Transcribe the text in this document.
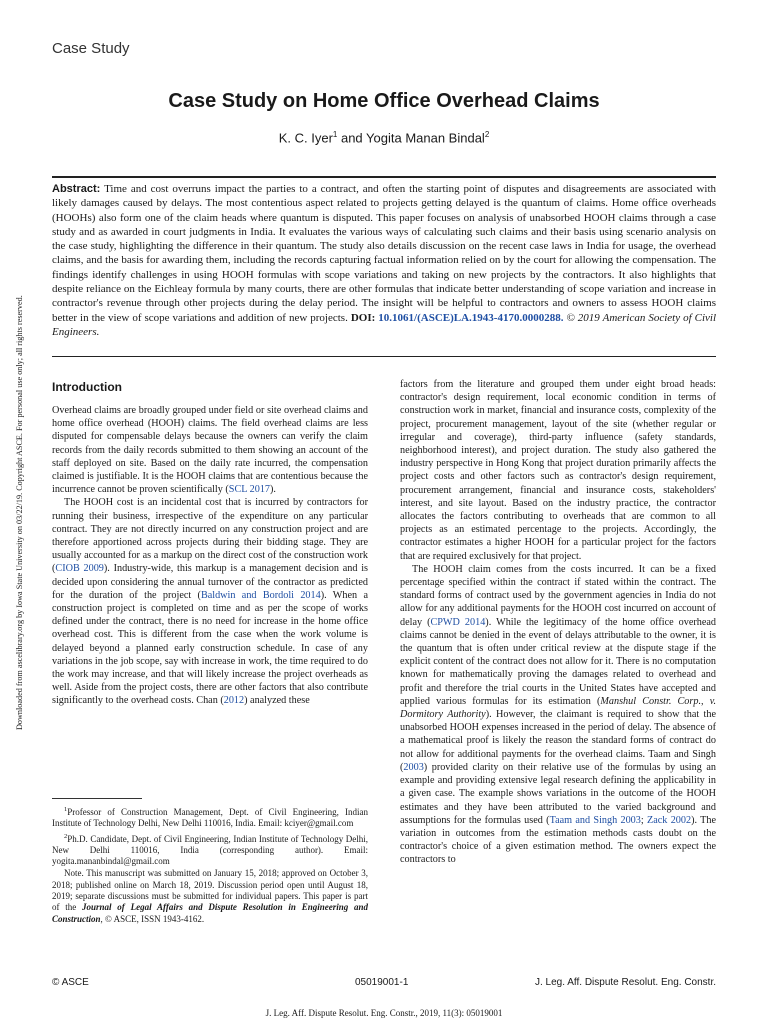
Case Study
Case Study on Home Office Overhead Claims
K. C. Iyer$^1$ and Yogita Manan Bindal$^2$
Abstract: Time and cost overruns impact the parties to a contract, and often the starting point of disputes and disagreements are associated with likely damages caused by delays. The most contentious aspect related to projects getting delayed is the quantum of claims. Home office overheads (HOOHs) also form one of the claim heads where quantum is disputed. This paper focuses on analysis of unabsorbed HOOH claims through a case study and as awarded in court judgments in India. It evaluates the various ways of calculating such claims and their basis using scenario analysis on the case study, highlighting the difference in their quantum. The study also details discussion on the recent case laws in India for usage, the overhead claims, and the basis for awarding them, including the records capturing factual information relied on by the court for allowing the compensation. The findings identify challenges in using HOOH formulas with scope variations and taking on new projects by the contractors. It also highlights that despite reliance on the Eichleay formula by many courts, there are other formulas that indicate better understanding of scope variation and increase in contractor's revenue through other projects during the delay period. The insight will be helpful to contractors and owners to assess HOOH claims better in the view of scope variations and addition of new projects. DOI: 10.1061/(ASCE)LA.1943-4170.0000288. © 2019 American Society of Civil Engineers.
Downloaded from ascelibrary.org by Iowa State University on 03/22/19. Copyright ASCE. For personal use only; all rights reserved. Introduction

Overhead claims are broadly grouped under field or site overhead claims and home office overhead (HOOH) claims. The field overhead claims are less disputed for compensable delays because the owners can verify the claim records from the daily records submitted to them showing an account of the staff deployed on site. Based on the daily rate incurred, the compensation claimed is justifiable. It is the HOOH claims that are contentious because the incurrence cannot be proven scientifically (SCL 2017).

The HOOH cost is an incidental cost that is incurred by contractors for running their business, irrespective of the expenditure on any particular contract. They are not directly incurred on any construction project and are therefore apportioned across projects during their bidding stage. They are usually accounted for as a markup on the direct cost of the construction work (CIOB 2009). Industry-wide, this markup is a management decision and is decided upon considering the annual turnover of the contractor as predicted for the duration of the project (Baldwin and Bordoli 2014). When a construction project is completed on time and as per the scope of works defined under the contract, there is no need for increase in the home office overhead cost. This is different from the case when the work volume is delayed beyond a planned early construction schedule. In case of any variations in the job scope, say with increase in work, the time required to do the work may increase, and that will likely increase the project overheads as well. Aside from the project costs, there are other factors that also contribute significantly to the overhead costs. Chan (2012) analyzed these

$^1$Professor of Construction Management, Dept. of Civil Engineering, Indian Institute of Technology Delhi, New Delhi 110016, India. Email: kciyer@gmail.com

$^2$Ph.D. Candidate, Dept. of Civil Engineering, Indian Institute of Technology Delhi, New Delhi 110016, India (corresponding author). Email: yogita.mananbindal@gmail.com

Note. This manuscript was submitted on January 15, 2018; approved on October 3, 2018; published online on March 18, 2019. Discussion period open until August 18, 2019; separate discussions must be submitted for individual papers. This paper is part of the Journal of Legal Affairs and Dispute Resolution in Engineering and Construction, © ASCE, ISSN 1943-4162.

factors from the literature and grouped them under eight broad heads: contractor's design requirement, local economic condition in terms of construction work in market, financial and insurance costs, complexity of the project, procurement management, layout of the site (whether regular or irregular and coverage), third-party influence (safety standards, neighborhood interest), and project duration. The study also gathered the industry perspective in Hong Kong that project duration primarily affects the project costs and other factors such as contractor's design requirement, procurement arrangement, financial and insurance costs, stakeholders' interest, and site layout. Based on the industry practice, the contractor allocates the factors contributing to overheads that are common to all projects as an estimated percentage to the projects. Accordingly, the contractor estimates a higher HOOH for a particular project for the factors that are required exclusively for that project.

The HOOH claim comes from the costs incurred. It can be a fixed percentage specified within the contract if stated within the contract. The standard forms of contract used by the government agencies in India do not allow for any additional payments for the HOOH cost incurred on account of delay (CPWD 2014). While the legitimacy of the home office overhead claims cannot be denied in the event of delays attributable to the owner, it is the quantum that is often under critical review at the dispute stage if the explicit content of the contract does not allow for it. There is no computation known for mathematically proving the damages related to overhead and profit and therefore the trial courts in the United States have accepted and applied various formulas for its estimation (Manshul Constr. Corp., v. Dormitory Authority). However, the claimant is required to show that the unabsorbed HOOH expenses increased in the period of delay. The absence of a mathematical proof is likely the reason the standard forms of contract do not allow for additional payments for the overhead claims. Taam and Singh (2003) provided clarity on their relative use of the formulas by using an example and providing extensive legal research defining the applicability in a given case. The example shows variations in the outcome of the HOOH estimates and they have been attributed to the varied background and assumptions for the formulas used (Taam and Singh 2003; Zack 2002). The variation in outcomes from the estimation methods casts doubt on the contractor's choice of a given estimation method. The owners expect the contractors to

© ASCE	05019001-1	J. Leg. Aff. Dispute Resolut. Eng. Constr.
J. Leg. Aff. Dispute Resolut. Eng. Constr., 2019, 11(3): 05019001
